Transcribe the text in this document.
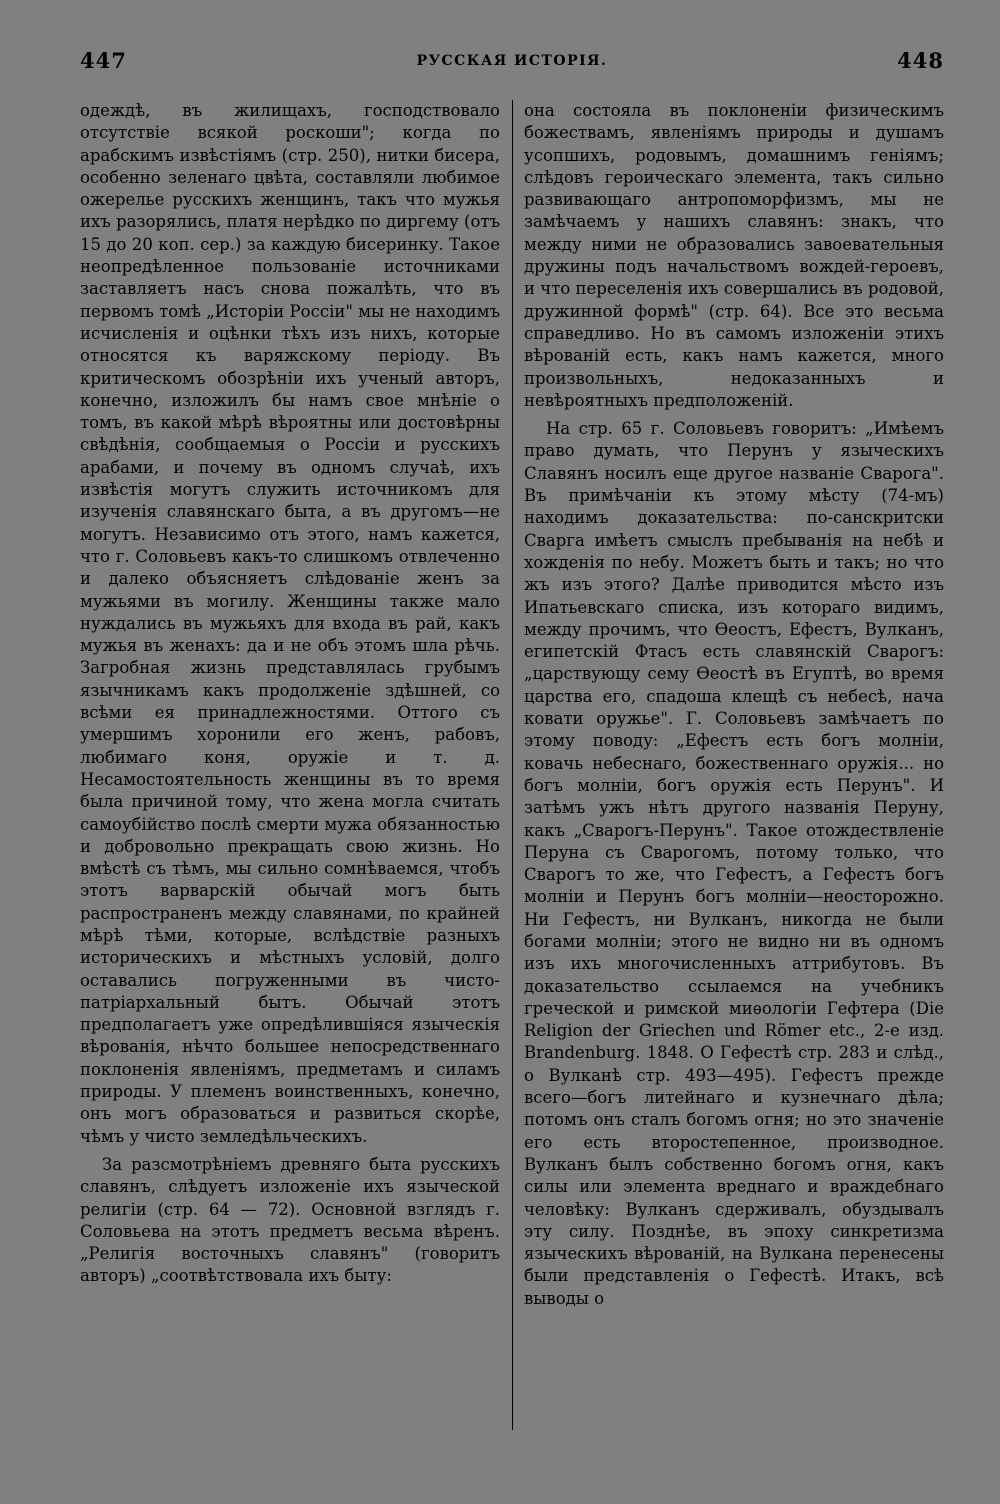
447	РУССКАЯ ИСТОРІЯ.	448

одеждѣ, въ жилищахъ, господствовало отсутствіе всякой роскоши"; когда по арабскимъ извѣстіямъ (стр. 250), нитки бисера, особенно зеленаго цвѣта, составляли любимое ожерелье русскихъ женщинъ, такъ что мужья ихъ разорялись, платя нерѣдко по диргему (отъ 15 до 20 коп. сер.) за каждую бисеринку. Такое неопредѣленное пользованіе источниками заставляетъ насъ снова пожалѣть, что въ первомъ томѣ „Исторіи Россіи" мы не находимъ исчисленія и оцѣнки тѣхъ изъ нихъ, которые относятся къ варяжскому періоду. Въ критическомъ обозрѣніи ихъ ученый авторъ, конечно, изложилъ бы намъ свое мнѣніе о томъ, въ какой мѣрѣ вѣроятны или достовѣрны свѣдѣнія, сообщаемыя о Россіи и русскихъ арабами, и почему въ одномъ случаѣ, ихъ извѣстія могутъ служить источникомъ для изученія славянскаго быта, а въ другомъ—не могутъ. Независимо отъ этого, намъ кажется, что г. Соловьевъ какъ-то слишкомъ отвлеченно и далеко объясняетъ слѣдованіе женъ за мужьями въ могилу. Женщины также мало нуждались въ мужьяхъ для входа въ рай, какъ мужья въ женахъ: да и не объ этомъ шла рѣчь. Загробная жизнь представлялась грубымъ язычникамъ какъ продолженіе здѣшней, со всѣми ея принадлежностями. Оттого съ умершимъ хоронили его женъ, рабовъ, любимаго коня, оружіе и т. д. Несамостоятельность женщины въ то время была причиной тому, что жена могла считать самоубійство послѣ смерти мужа обязанностью и добровольно прекращать свою жизнь. Но вмѣстѣ съ тѣмъ, мы сильно сомнѣваемся, чтобъ этотъ варварскій обычай могъ быть распространенъ между славянами, по крайней мѣрѣ тѣми, которые, вслѣдствіе разныхъ историческихъ и мѣстныхъ условій, долго оставались погруженными въ чисто-патріархальный бытъ. Обычай этотъ предполагаетъ уже опредѣлившіяся языческія вѣрованія, нѣчто большее непосредственнаго поклоненія явленіямъ, предметамъ и силамъ природы. У племенъ воинственныхъ, конечно, онъ могъ образоваться и развиться скорѣе, чѣмъ у чисто земледѣльческихъ.

За разсмотрѣніемъ древняго быта русскихъ славянъ, слѣдуетъ изложеніе ихъ языческой религіи (стр. 64 — 72). Основной взглядъ г. Соловьева на этотъ предметъ весьма вѣренъ. „Религія восточныхъ славянъ" (говоритъ авторъ) „соотвѣтствовала ихъ быту:

она состояла въ поклоненіи физическимъ божествамъ, явленіямъ природы и душамъ усопшихъ, родовымъ, домашнимъ геніямъ; слѣдовъ героическаго элемента, такъ сильно развивающаго антропоморфизмъ, мы не замѣчаемъ у нашихъ славянъ: знакъ, что между ними не образовались завоевательныя дружины подъ начальствомъ вождей-героевъ, и что переселенія ихъ совершались въ родовой, дружинной формѣ" (стр. 64). Все это весьма справедливо. Но въ самомъ изложеніи этихъ вѣрованій есть, какъ намъ кажется, много произвольныхъ, недоказанныхъ и невѣроятныхъ предположеній.

На стр. 65 г. Соловьевъ говоритъ: „Имѣемъ право думать, что Перунъ у языческихъ Славянъ носилъ еще другое названіе Сварога". Въ примѣчаніи къ этому мѣсту (74-мъ) находимъ доказательства: по-санскритски Сварга имѣетъ смыслъ пребыванія на небѣ и хожденія по небу. Можетъ быть и такъ; но что жъ изъ этого? Далѣе приводится мѣсто изъ Ипатьевскаго списка, изъ котораго видимъ, между прочимъ, что Ѳеостъ, Ефестъ, Вулканъ, египетскій Фтасъ есть славянскій Сварогъ: „царствующу сему Ѳеостѣ въ Егуптѣ, во время царства его, спадоша клещѣ съ небесѣ, нача ковати оружье". Г. Соловьевъ замѣчаетъ по этому поводу: „Ефестъ есть богъ молніи, ковачь небеснаго, божественнаго оружія... но богъ молніи, богъ оружія есть Перунъ". И затѣмъ ужъ нѣтъ другого названія Перуну, какъ „Сварогъ-Перунъ". Такое отождествленіе Перуна съ Сварогомъ, потому только, что Сварогъ то же, что Гефестъ, а Гефестъ богъ молніи и Перунъ богъ молніи—неосторожно. Ни Гефестъ, ни Вулканъ, никогда не были богами молніи; этого не видно ни въ одномъ изъ ихъ многочисленныхъ аттрибутовъ. Въ доказательство ссылаемся на учебникъ греческой и римской миѳологіи Гефтера (Die Religion der Griechen und Römer etc., 2-е изд. Brandenburg. 1848. О Гефестѣ стр. 283 и слѣд., о Вулканѣ стр. 493—495). Гефестъ прежде всего—богъ литейнаго и кузнечнаго дѣла; потомъ онъ сталъ богомъ огня; но это значеніе его есть второстепенное, производное. Вулканъ былъ собственно богомъ огня, какъ силы или элемента вреднаго и враждебнаго человѣку: Вулканъ сдерживалъ, обуздывалъ эту силу. Позднѣе, въ эпоху синкретизма языческихъ вѣрованій, на Вулкана перенесены были представленія о Гефестѣ. Итакъ, всѣ выводы о
